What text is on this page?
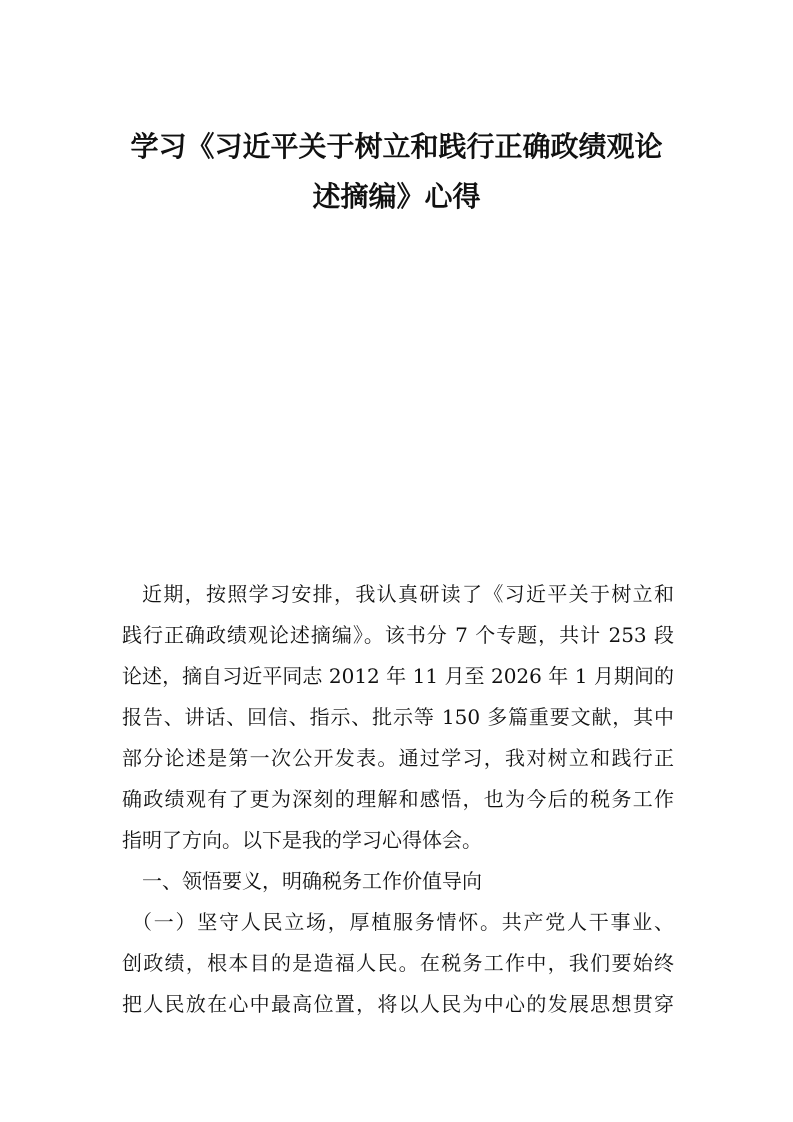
学习《习近平关于树立和践行正确政绩观论
述摘编》心得
近期，按照学习安排，我认真研读了《习近平关于树立和
践行正确政绩观论述摘编》。该书分 7 个专题，共计 253 段
论述，摘自习近平同志 2012 年 11 月至 2026 年 1 月期间的
报告、讲话、回信、指示、批示等 150 多篇重要文献，其中
部分论述是第一次公开发表。通过学习，我对树立和践行正
确政绩观有了更为深刻的理解和感悟，也为今后的税务工作
指明了方向。以下是我的学习心得体会。
一、领悟要义，明确税务工作价值导向
（一）坚守人民立场，厚植服务情怀。共产党人干事业、
创政绩，根本目的是造福人民。在税务工作中，我们要始终
把人民放在心中最高位置，将以人民为中心的发展思想贯穿
